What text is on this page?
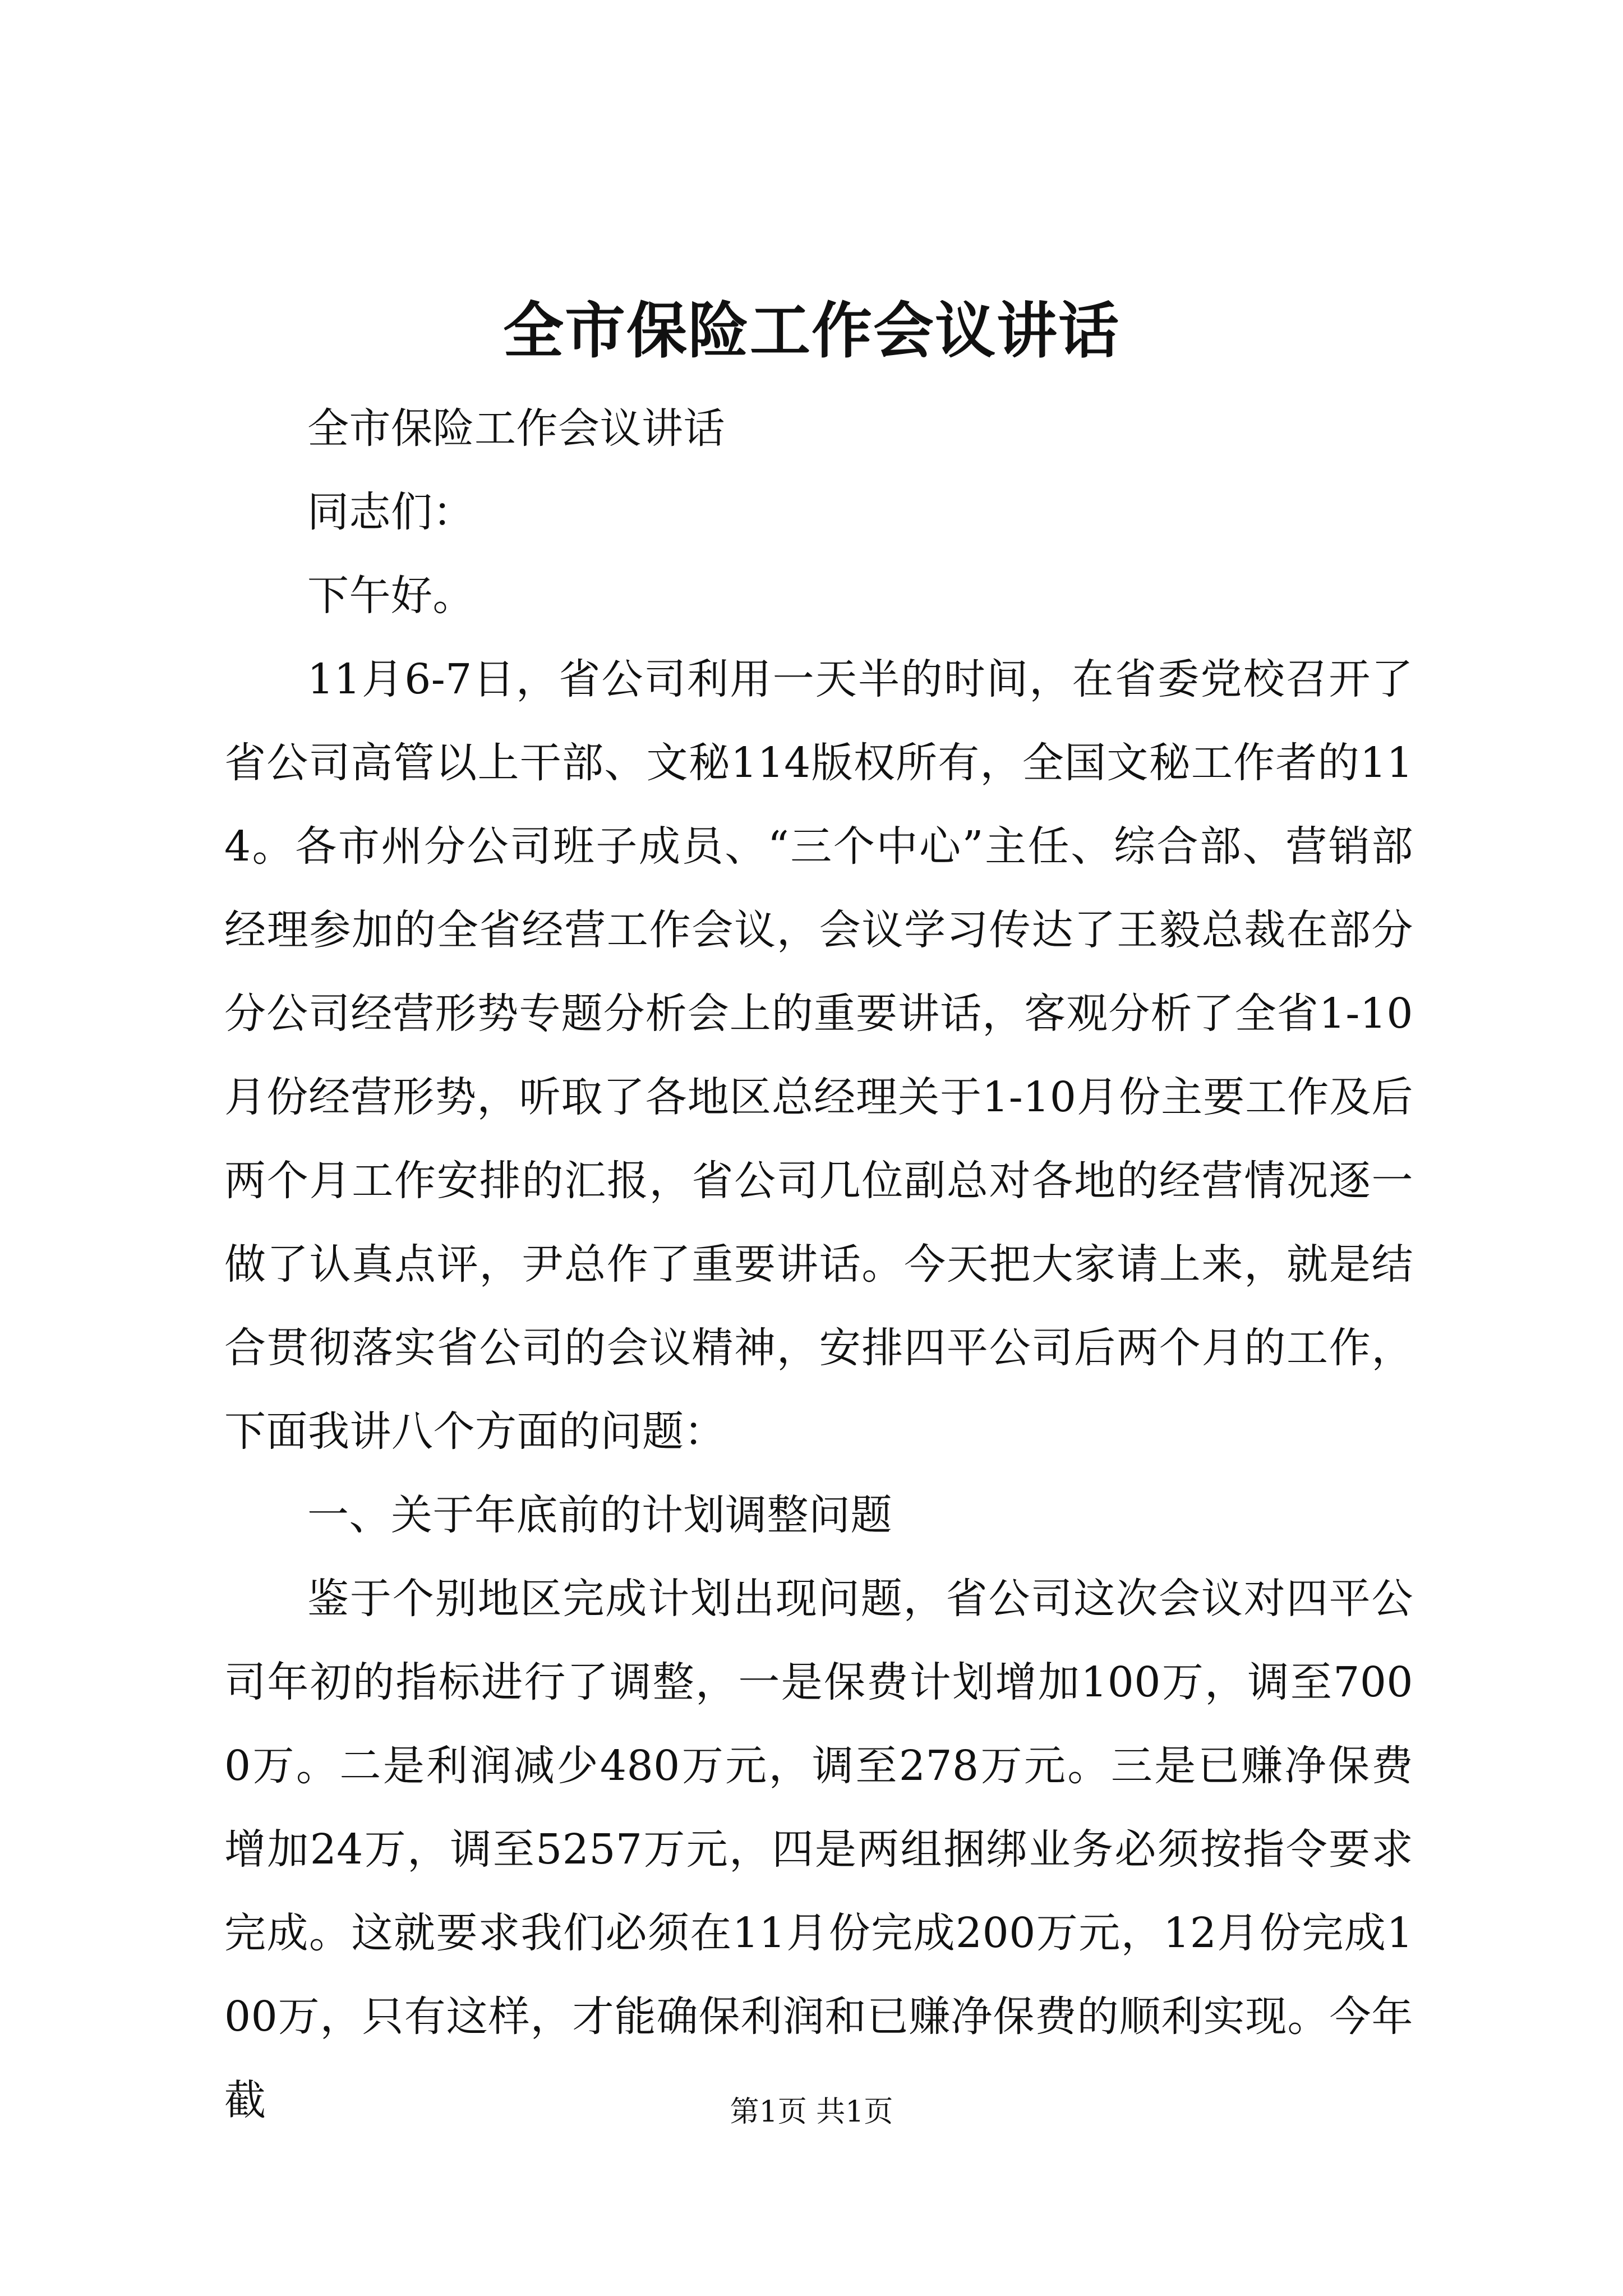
全市保险工作会议讲话

全市保险工作会议讲话

同志们：

下午好。

11月6-7日，省公司利用一天半的时间，在省委党校召开了省公司高管以上干部、文秘114版权所有，全国文秘工作者的114。各市州分公司班子成员、“三个中心”主任、综合部、营销部经理参加的全省经营工作会议，会议学习传达了王毅总裁在部分分公司经营形势专题分析会上的重要讲话，客观分析了全省1-10月份经营形势，听取了各地区总经理关于1-10月份主要工作及后两个月工作安排的汇报，省公司几位副总对各地的经营情况逐一做了认真点评，尹总作了重要讲话。今天把大家请上来，就是结合贯彻落实省公司的会议精神，安排四平公司后两个月的工作，下面我讲八个方面的问题：

一、关于年底前的计划调整问题

鉴于个别地区完成计划出现问题，省公司这次会议对四平公司年初的指标进行了调整，一是保费计划增加100万，调至7000万。二是利润减少480万元，调至278万元。三是已赚净保费增加24万，调至5257万元，四是两组捆绑业务必须按指令要求完成。这就要求我们必须在11月份完成200万元，12月份完成100万，只有这样，才能确保利润和已赚净保费的顺利实现。今年截	第1页 共1页
